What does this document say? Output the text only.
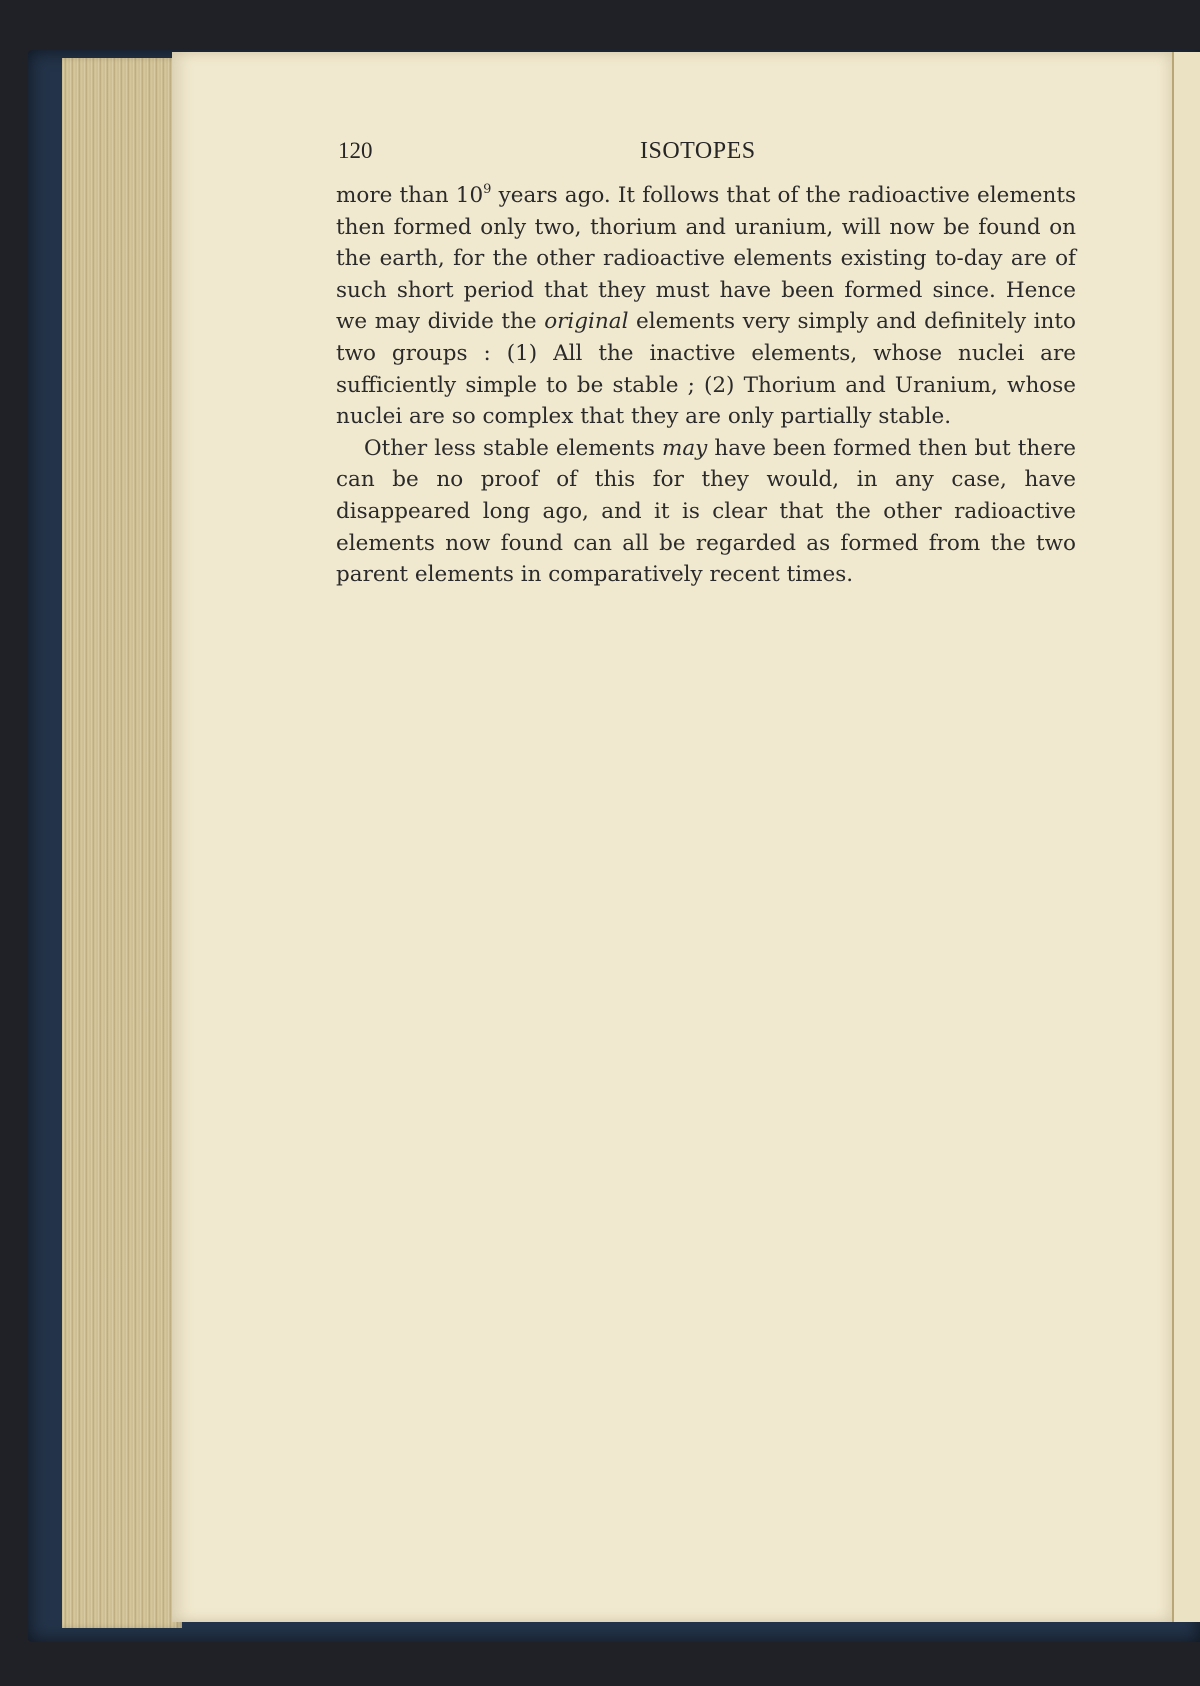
120	ISOTOPES

more than $10^9$ years ago. It follows that of the radioactive elements then formed only two, thorium and uranium, will now be found on the earth, for the other radioactive elements existing to-day are of such short period that they must have been formed since. Hence we may divide the original elements very simply and definitely into two groups : (1) All the inactive elements, whose nuclei are sufficiently simple to be stable ; (2) Thorium and Uranium, whose nuclei are so complex that they are only partially stable.

Other less stable elements may have been formed then but there can be no proof of this for they would, in any case, have disappeared long ago, and it is clear that the other radioactive elements now found can all be regarded as formed from the two parent elements in comparatively recent times.
